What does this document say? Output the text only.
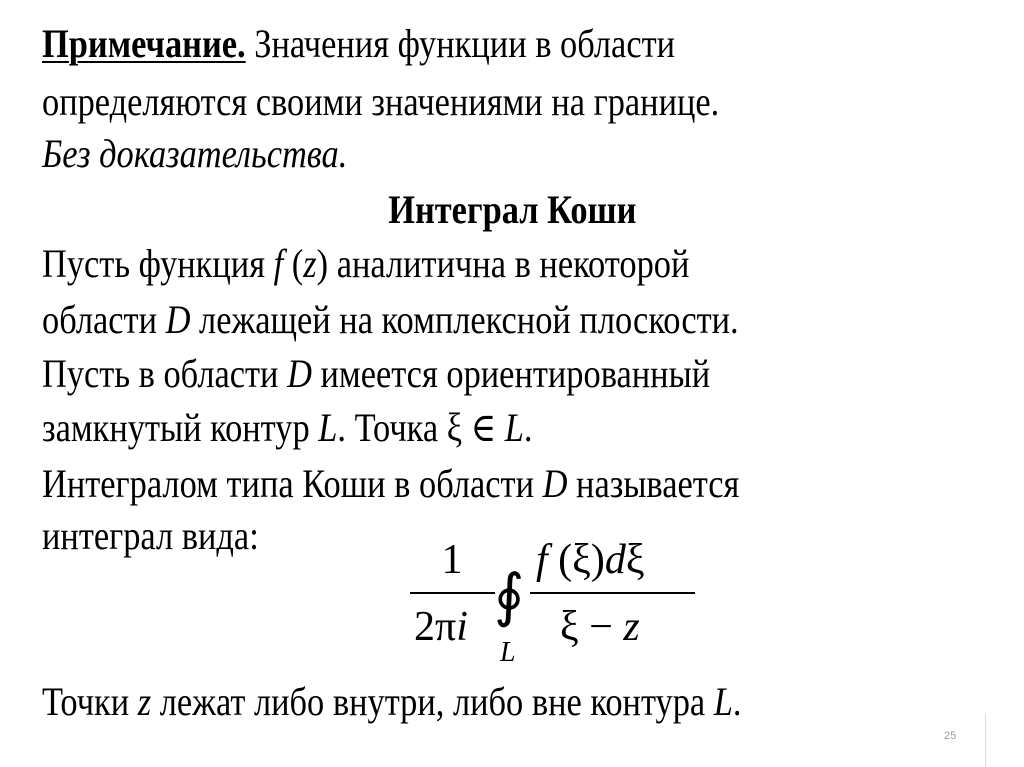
Примечание. Значения функции в области
определяются своими значениями на границе.
Без доказательства.
Интеграл Коши
Пусть функция f (z) аналитична в некоторой
области D лежащей на комплексной плоскости.
Пусть в области D имеется ориентированный
замкнутый контур L. Точка ξ ∈ L.
Интегралом типа Коши в области D называется
интеграл вида:
1
2πi ∮
L
f (ξ)dξ
ξ − z
Точки z лежат либо внутри, либо вне контура L.
25
